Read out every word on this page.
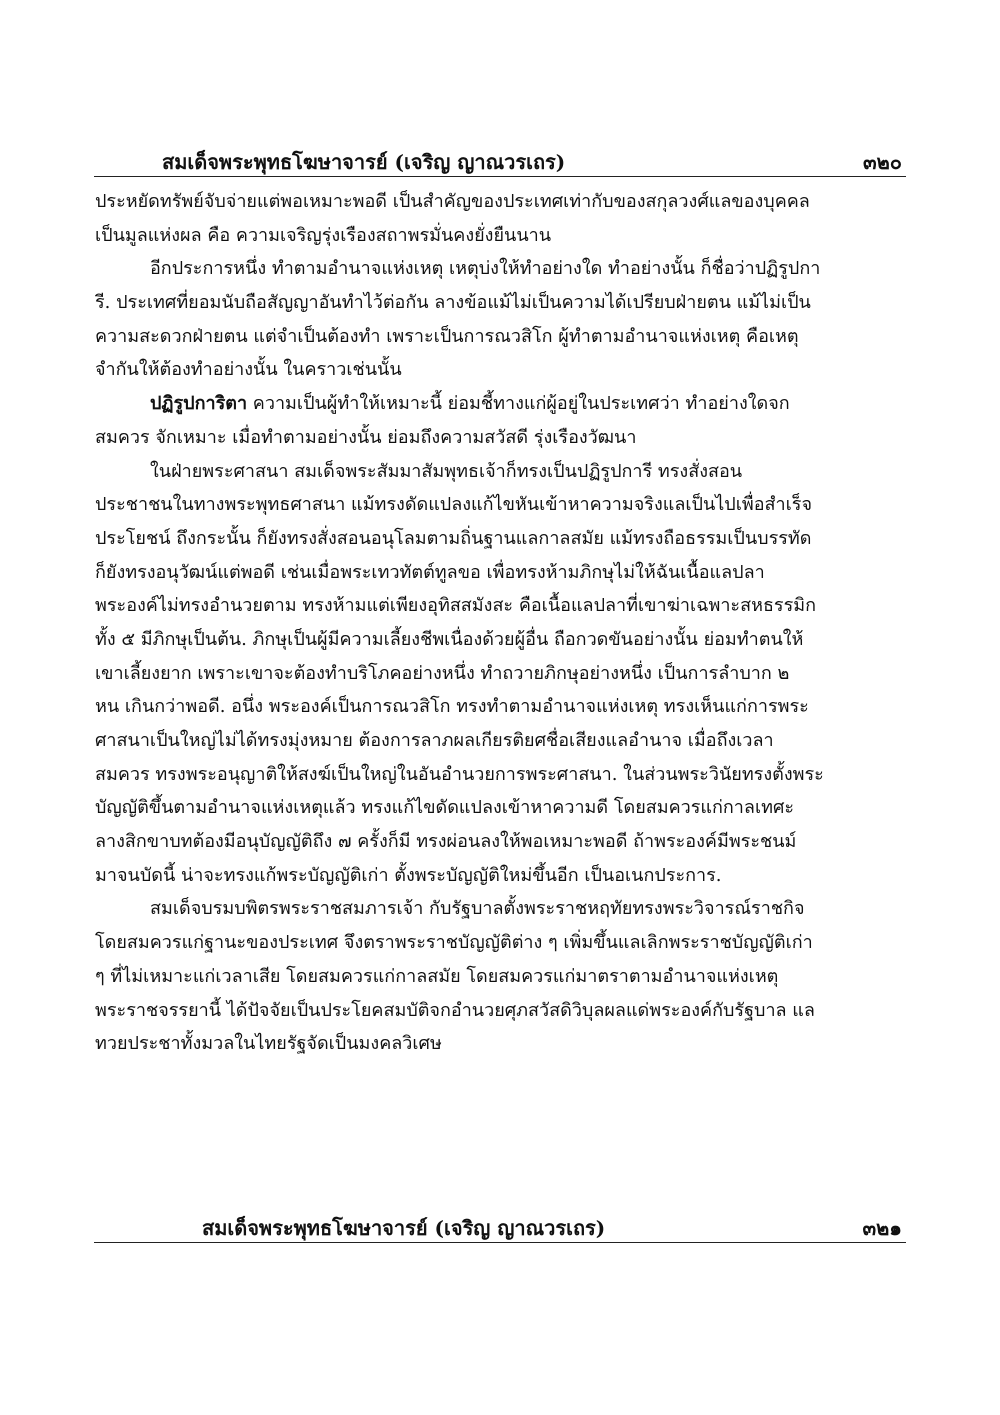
สมเด็จพระพุทธโฆษาจารย์ (เจริญ ญาณวรเถร)	๓๒๐
ประหยัดทรัพย์จับจ่ายแต่พอเหมาะพอดี เป็นสำคัญของประเทศเท่ากับของสกุลวงศ์แลของบุคคล
เป็นมูลแห่งผล คือ ความเจริญรุ่งเรืองสถาพรมั่นคงยั่งยืนนาน
อีกประการหนึ่ง ทำตามอำนาจแห่งเหตุ เหตุบ่งให้ทำอย่างใด ทำอย่างนั้น ก็ชื่อว่าปฏิรูปกา
รี. ประเทศที่ยอมนับถือสัญญาอันทำไว้ต่อกัน ลางข้อแม้ไม่เป็นความได้เปรียบฝ่ายตน แม้ไม่เป็น
ความสะดวกฝ่ายตน แต่จำเป็นต้องทำ เพราะเป็นการณวสิโก ผู้ทำตามอำนาจแห่งเหตุ คือเหตุ
จำกันให้ต้องทำอย่างนั้น ในคราวเช่นนั้น
ปฏิรูปการิตา ความเป็นผู้ทำให้เหมาะนี้ ย่อมชี้ทางแก่ผู้อยู่ในประเทศว่า ทำอย่างใดจก
สมควร จักเหมาะ เมื่อทำตามอย่างนั้น ย่อมถึงความสวัสดี รุ่งเรืองวัฒนา
ในฝ่ายพระศาสนา สมเด็จพระสัมมาสัมพุทธเจ้าก็ทรงเป็นปฏิรูปการี ทรงสั่งสอน
ประชาชนในทางพระพุทธศาสนา แม้ทรงดัดแปลงแก้ไขหันเข้าหาความจริงแลเป็นไปเพื่อสำเร็จ
ประโยชน์ ถึงกระนั้น ก็ยังทรงสั่งสอนอนุโลมตามถิ่นฐานแลกาลสมัย แม้ทรงถือธรรมเป็นบรรทัด
ก็ยังทรงอนุวัฒน์แต่พอดี เช่นเมื่อพระเทวทัตต์ทูลขอ เพื่อทรงห้ามภิกษุไม่ให้ฉันเนื้อแลปลา
พระองค์ไม่ทรงอำนวยตาม ทรงห้ามแต่เพียงอุทิสสมังสะ คือเนื้อแลปลาที่เขาฆ่าเฉพาะสหธรรมิก
ทั้ง ๕ มีภิกษุเป็นต้น. ภิกษุเป็นผู้มีความเลี้ยงชีพเนื่องด้วยผู้อื่น ถือกวดขันอย่างนั้น ย่อมทำตนให้
เขาเลี้ยงยาก เพราะเขาจะต้องทำบริโภคอย่างหนึ่ง ทำถวายภิกษุอย่างหนึ่ง เป็นการลำบาก ๒
หน เกินกว่าพอดี. อนึ่ง พระองค์เป็นการณวสิโก ทรงทำตามอำนาจแห่งเหตุ ทรงเห็นแก่การพระ
ศาสนาเป็นใหญ่ไม่ได้ทรงมุ่งหมาย ต้องการลาภผลเกียรติยศชื่อเสียงแลอำนาจ เมื่อถึงเวลา
สมควร ทรงพระอนุญาติให้สงฆ์เป็นใหญ่ในอันอำนวยการพระศาสนา. ในส่วนพระวินัยทรงตั้งพระ
บัญญัติขึ้นตามอำนาจแห่งเหตุแล้ว ทรงแก้ไขดัดแปลงเข้าหาความดี โดยสมควรแก่กาลเทศะ
ลางสิกขาบทต้องมีอนุบัญญัติถึง ๗ ครั้งก็มี ทรงผ่อนลงให้พอเหมาะพอดี ถ้าพระองค์มีพระชนม์
มาจนบัดนี้ น่าจะทรงแก้พระบัญญัติเก่า ตั้งพระบัญญัติใหม่ขึ้นอีก เป็นอเนกประการ.
สมเด็จบรมบพิตรพระราชสมภารเจ้า กับรัฐบาลตั้งพระราชหฤทัยทรงพระวิจารณ์ราชกิจ
โดยสมควรแก่ฐานะของประเทศ จึงตราพระราชบัญญัติต่าง ๆ เพิ่มขึ้นแลเลิกพระราชบัญญัติเก่า
ๆ ที่ไม่เหมาะแก่เวลาเสีย โดยสมควรแก่กาลสมัย โดยสมควรแก่มาตราตามอำนาจแห่งเหตุ
พระราชจรรยานี้ ได้ปัจจัยเป็นประโยคสมบัติจกอำนวยศุภสวัสดิวิบุลผลแด่พระองค์กับรัฐบาล แล
ทวยประชาทั้งมวลในไทยรัฐจัดเป็นมงคลวิเศษ
สมเด็จพระพุทธโฆษาจารย์ (เจริญ ญาณวรเถร)	๓๒๑
